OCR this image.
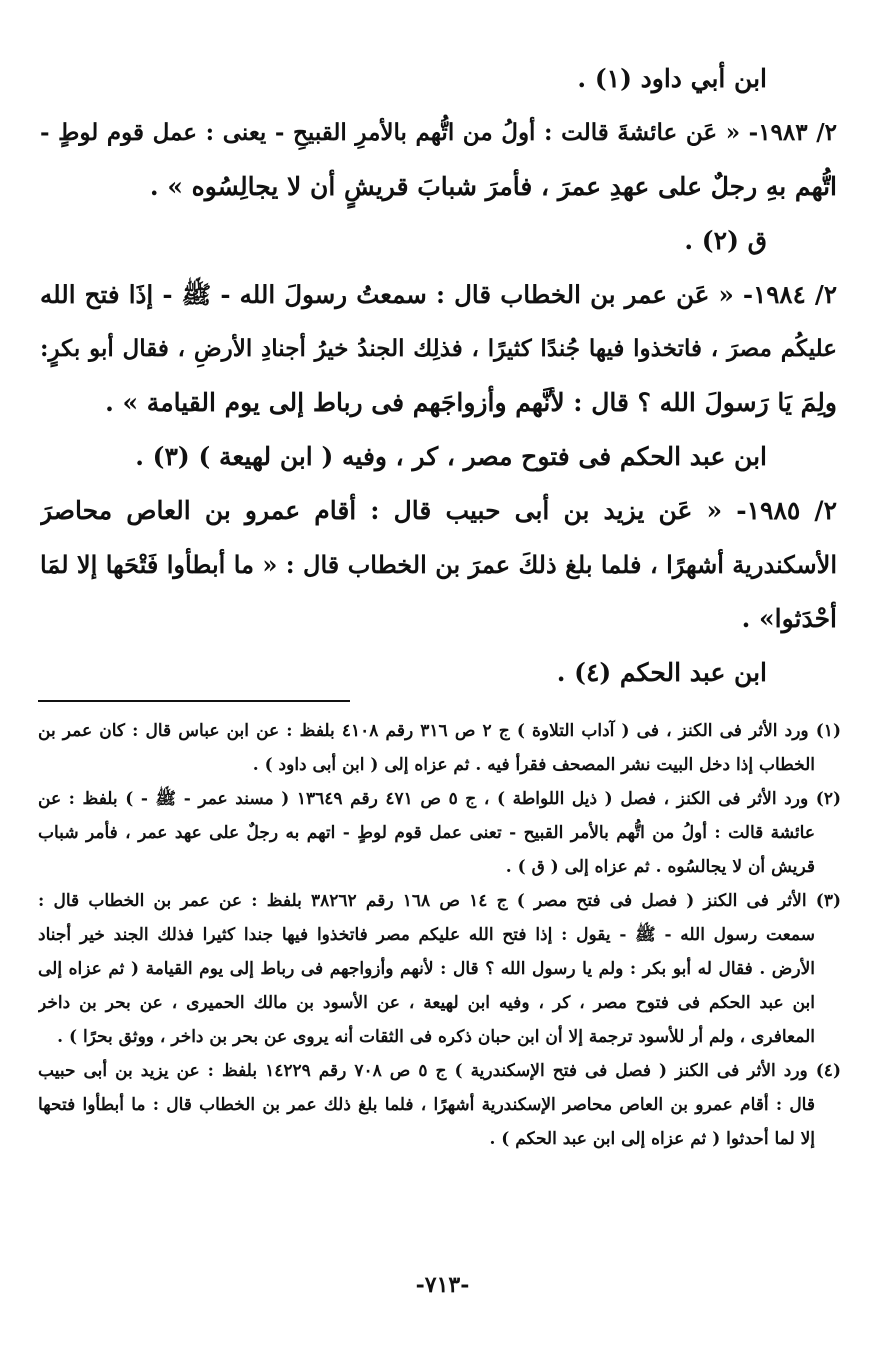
ابن أبي داود (١) .
٢/ ١٩٨٣- « عَن عائشةَ قالت : أولُ من اتُّهم بالأمرِ القبيحِ - يعنى : عمل قوم لوطٍ -
اتُّهم بهِ رجلٌ على عهدِ عمرَ ، فأمرَ شبابَ قريشٍ أن لا يجالِسُوه » .
ق (٢) .
٢/ ١٩٨٤- « عَن عمر بن الخطاب قال : سمعتُ رسولَ الله - ﷺ - إذَا فتح الله
عليكُم مصرَ ، فاتخذوا فيها جُندًا كثيرًا ، فذلِك الجندُ خيرُ أجنادِ الأرضِ ، فقال أبو بكرٍ:
ولِمَ يَا رَسولَ الله ؟ قال : لأنَّهم وأزواجَهم فى رباط إلى يوم القيامة » .
ابن عبد الحكم فى فتوح مصر ، كر ، وفيه ( ابن لهيعة ) (٣) .
٢/ ١٩٨٥- « عَن يزيد بن أبى حبيب قال : أقام عمرو بن العاص محاصرَ
الأسكندرية أشهرًا ، فلما بلغ ذلكَ عمرَ بن الخطاب قال : « ما أبطأوا فَتْحَها إلا لمَا
أحْدَثوا» .
ابن عبد الحكم (٤) .
(١) ورد الأثر فى الكنز ، فى ( آداب التلاوة ) ج ٢ ص ٣١٦ رقم ٤١٠٨ بلفظ : عن ابن عباس قال : كان عمر بن
الخطاب إذا دخل البيت نشر المصحف فقرأ فيه . ثم عزاه إلى ( ابن أبى داود ) .
(٢) ورد الأثر فى الكنز ، فصل ( ذيل اللواطة ) ، ج ٥ ص ٤٧١ رقم ١٣٦٤٩ ( مسند عمر - ﷺ - ) بلفظ : عن
عائشة قالت : أولُ من اتُّهم بالأمر القبيح - تعنى عمل قوم لوطٍ - اتهم به رجلٌ على عهد عمر ، فأمر شباب
قريش أن لا يجالسُوه . ثم عزاه إلى ( ق ) .
(٣) الأثر فى الكنز ( فصل فى فتح مصر ) ج ١٤ ص ١٦٨ رقم ٣٨٢٦٢ بلفظ : عن عمر بن الخطاب قال :
سمعت رسول الله - ﷺ - يقول : إذا فتح الله عليكم مصر فاتخذوا فيها جندا كثيرا فذلك الجند خير أجناد
الأرض . فقال له أبو بكر : ولم يا رسول الله ؟ قال : لأنهم وأزواجهم فى رباط إلى يوم القيامة ( ثم عزاه إلى
ابن عبد الحكم فى فتوح مصر ، كر ، وفيه ابن لهيعة ، عن الأسود بن مالك الحميرى ، عن بحر بن داخر
المعافرى ، ولم أر للأسود ترجمة إلا أن ابن حبان ذكره فى الثقات أنه يروى عن بحر بن داخر ، ووثق بحرًا ) .
(٤) ورد الأثر فى الكنز ( فصل فى فتح الإسكندرية ) ج ٥ ص ٧٠٨ رقم ١٤٢٢٩ بلفظ : عن يزيد بن أبى حبيب
قال : أقام عمرو بن العاص محاصر الإسكندرية أشهرًا ، فلما بلغ ذلك عمر بن الخطاب قال : ما أبطأوا فتحها
إلا لما أحدثوا ( ثم عزاه إلى ابن عبد الحكم ) .
-٧١٣-
